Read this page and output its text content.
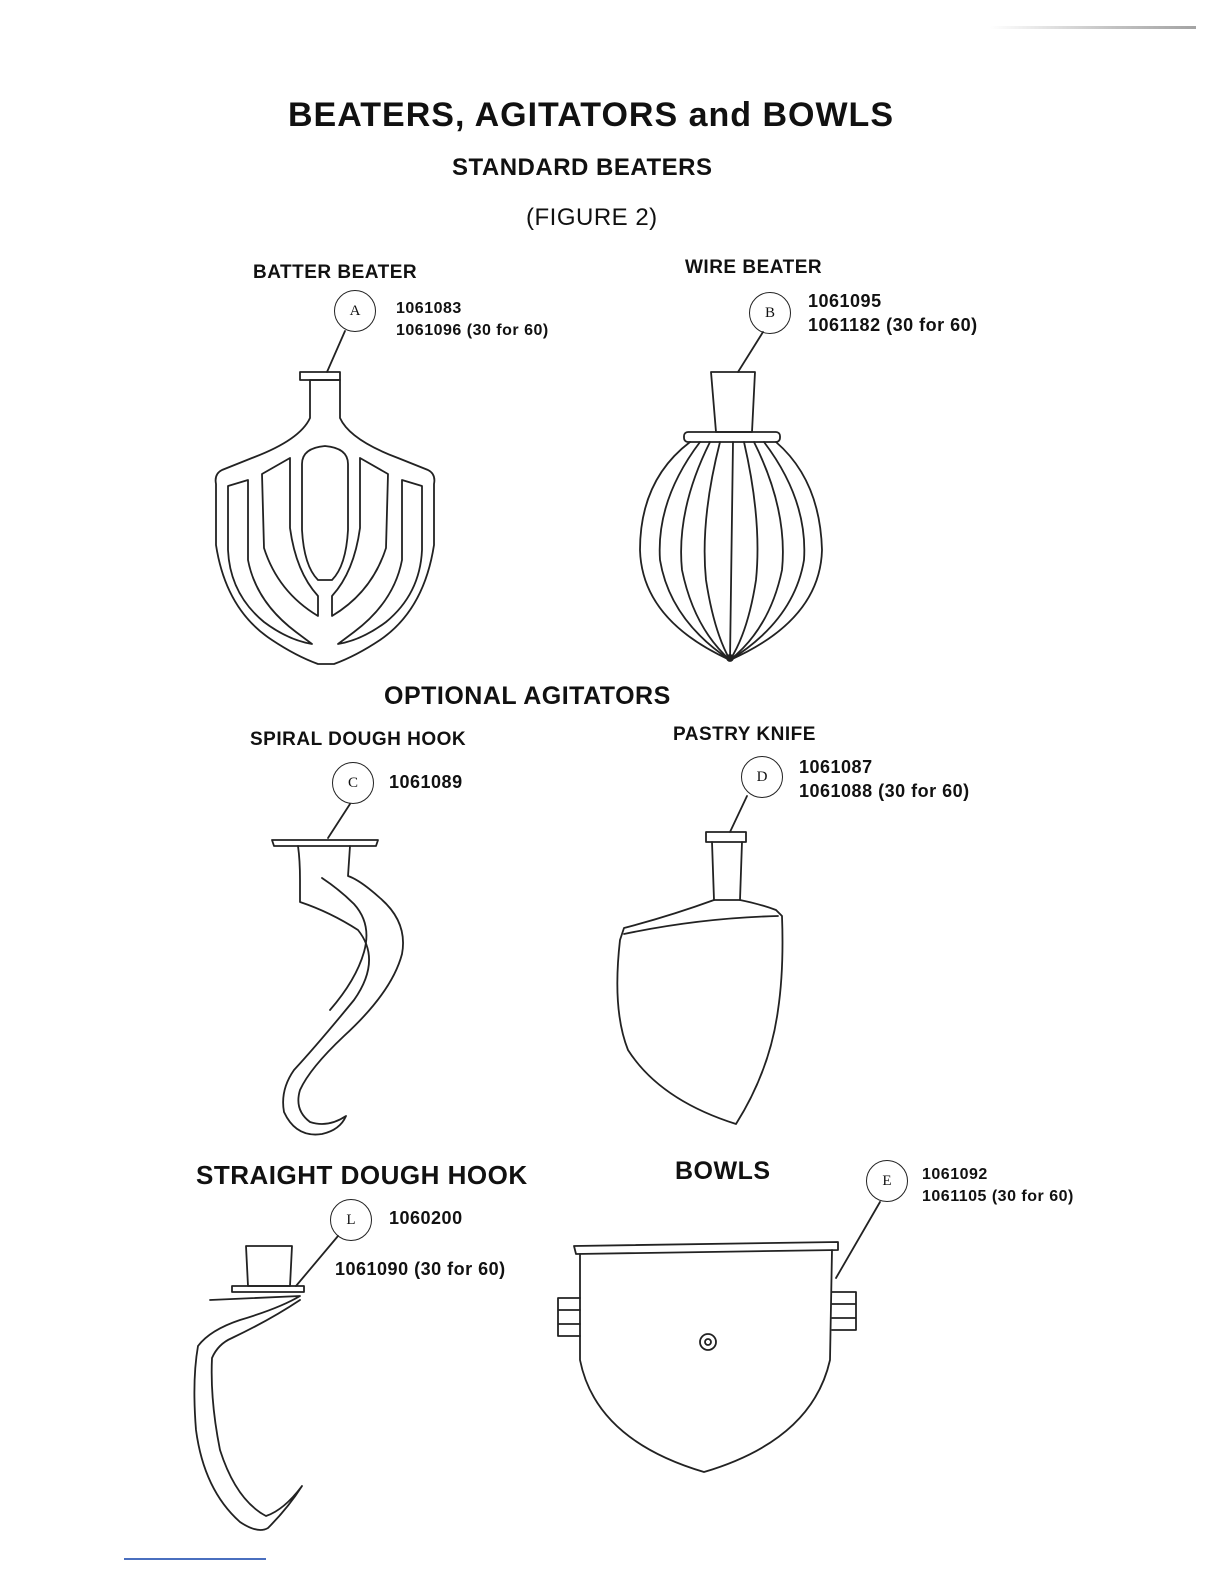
BEATERS, AGITATORS and BOWLS
STANDARD BEATERS
(FIGURE 2)
BATTER BEATER
A	1061083
1061096 (30 for 60)
WIRE BEATER
B
1061095
1061182 (30 for 60)
OPTIONAL AGITATORS
SPIRAL DOUGH HOOK
C	1061089
PASTRY KNIFE
D	1061087
1061088 (30 for 60)
STRAIGHT DOUGH HOOK
L	1060200
1061090 (30 for 60)
BOWLS	E	1061092
1061105 (30 for 60)
